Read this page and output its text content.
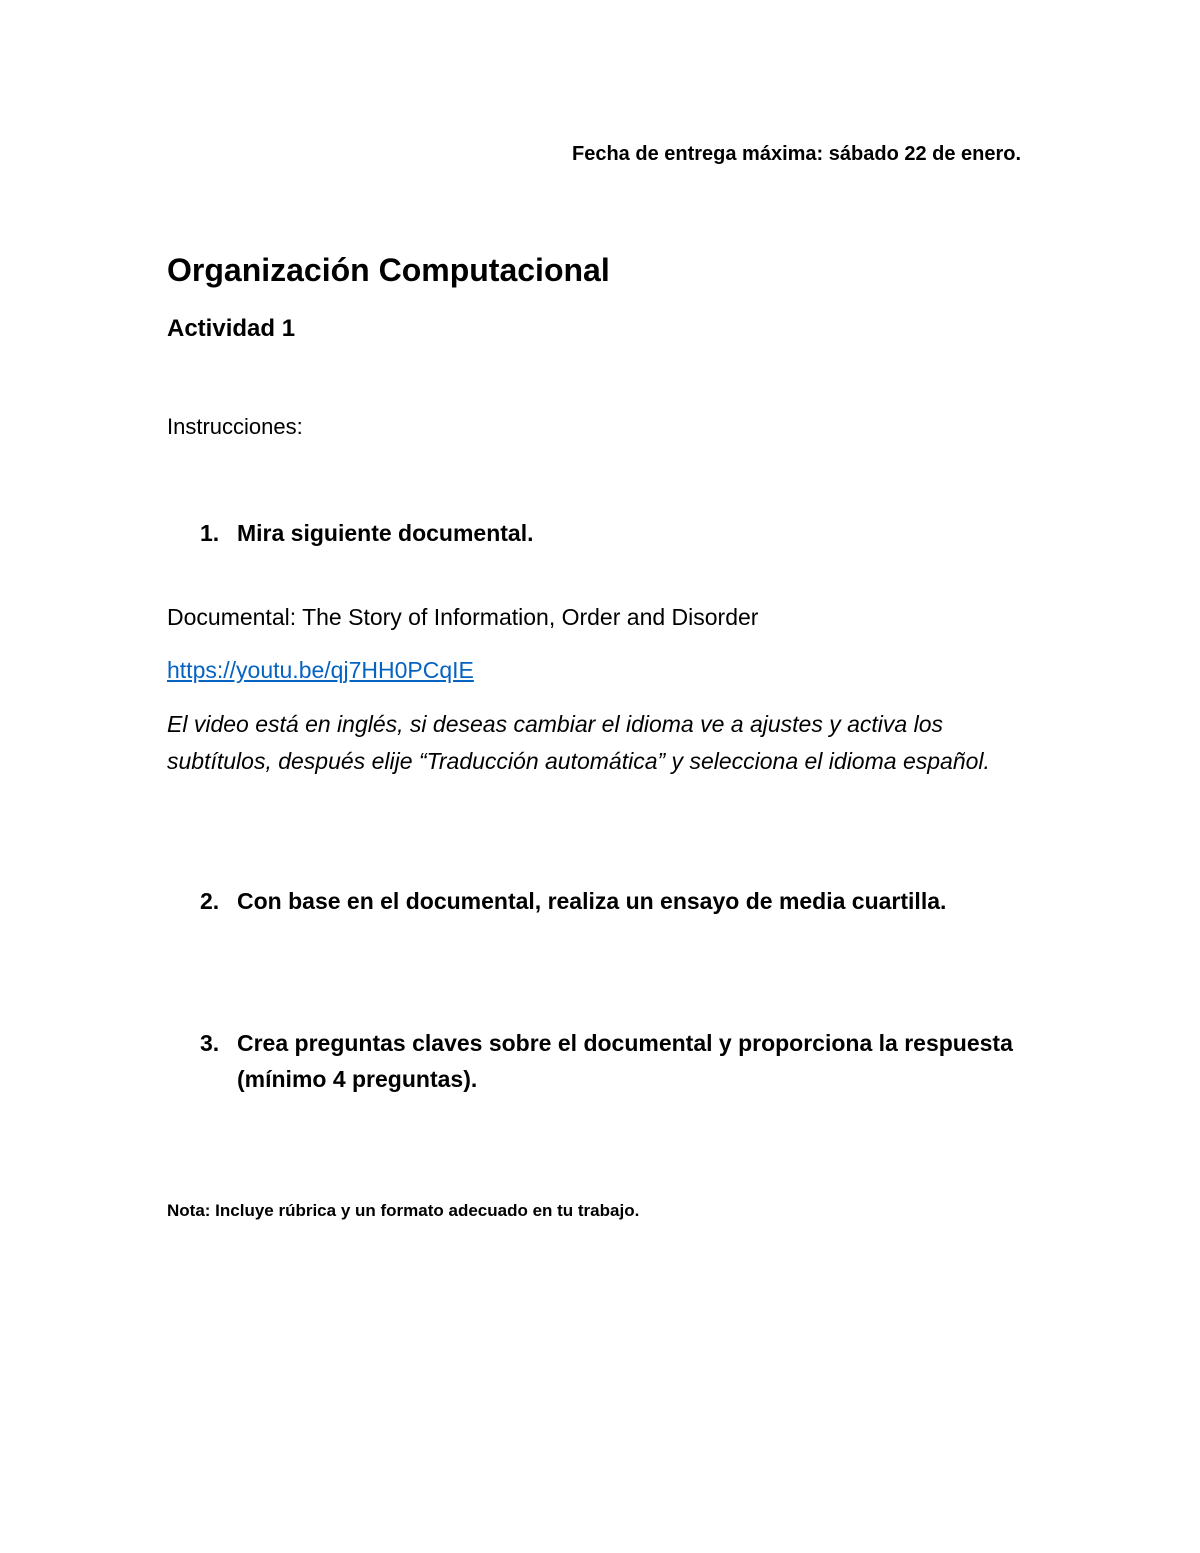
Fecha de entrega máxima: sábado 22 de enero.
Organización Computacional
Actividad 1
Instrucciones:
1. Mira siguiente documental.
Documental: The Story of Information, Order and Disorder
https://youtu.be/qj7HH0PCqIE
El video está en inglés, si deseas cambiar el idioma ve a ajustes y activa los subtítulos, después elije “Traducción automática” y selecciona el idioma español.
2. Con base en el documental, realiza un ensayo de media cuartilla.
3. Crea preguntas claves sobre el documental y proporciona la respuesta (mínimo 4 preguntas).
Nota: Incluye rúbrica y un formato adecuado en tu trabajo.
